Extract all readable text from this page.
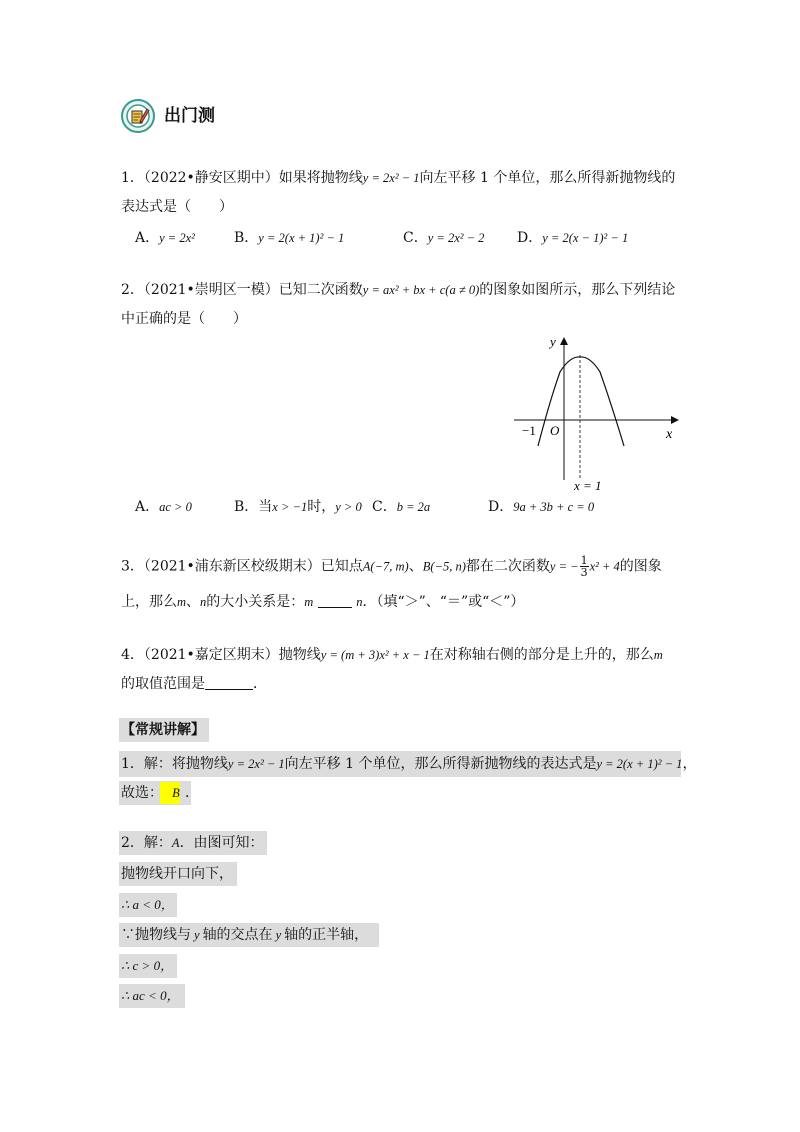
出门测
1．（2022•静安区期中）如果将抛物线y = 2x² − 1向左平移 1 个单位，那么所得新抛物线的
表达式是（　　）
A．y = 2x²	B．y = 2(x + 1)² − 1	C．y = 2x² − 2 D．y = 2(x − 1)² − 1
2．（2021•崇明区一模）已知二次函数y = ax² + bx + c(a ≠ 0)的图象如图所示，那么下列结论
中正确的是（　　）
y
x
O
−1
x = 1
A．ac > 0	B．当x > −1时，y > 0 C．b = 2a	D．9a + 3b + c = 0
3．（2021•浦东新区校级期末）已知点A(−7, m)、B(−5, n)都在二次函数y = − $\frac{1}{3} x^2 + 4$的图象
上，那么m、n的大小关系是：m	n．（填“＞”、“＝”或“＜”）
4．（2021•嘉定区期末）抛物线y = (m + 3)x² + x − 1在对称轴右侧的部分是上升的，那么m
的取值范围是	．
【常规讲解】
1．解：将抛物线y = 2x² − 1向左平移 1 个单位，那么所得新抛物线的表达式是y = 2(x + 1)² − 1，
故选： B ．
2．解：A．由图可知：
抛物线开口向下，
∴ a < 0，
∵抛物线与 y 轴的交点在 y 轴的正半轴，
∴ c > 0，
∴ ac < 0，
